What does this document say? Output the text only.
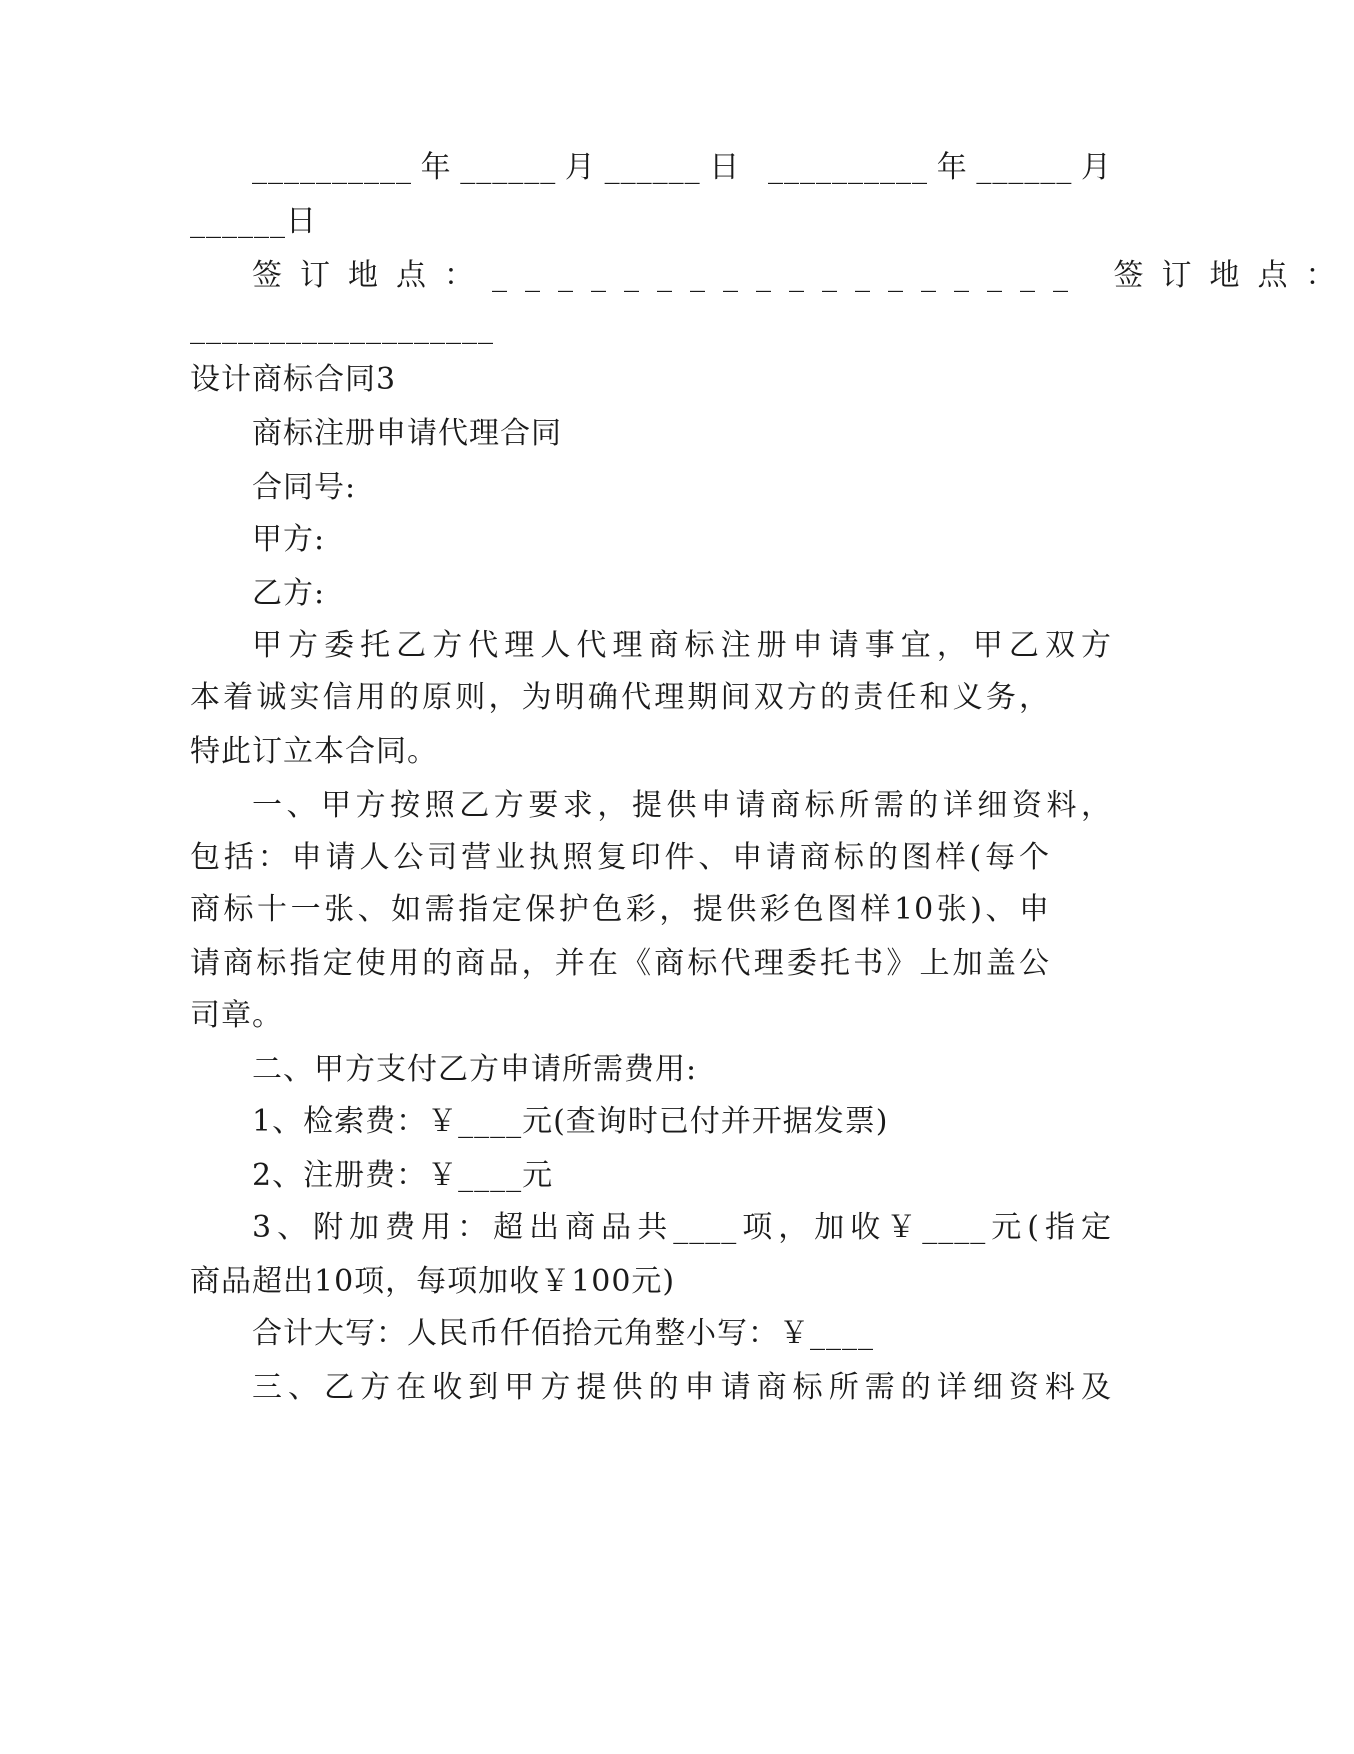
__________年______月______日 __________年______月
______日
签订地点：__________________ 签订地点：
___________________
设计商标合同3
商标注册申请代理合同
合同号:
甲方:
乙方:
甲方委托乙方代理人代理商标注册申请事宜，甲乙双方
本着诚实信用的原则，为明确代理期间双方的责任和义务，
特此订立本合同。
一、甲方按照乙方要求，提供申请商标所需的详细资料，
包括：申请人公司营业执照复印件、申请商标的图样(每个
商标十一张、如需指定保护色彩，提供彩色图样10张)、申
请商标指定使用的商品，并在《商标代理委托书》上加盖公
司章。
二、甲方支付乙方申请所需费用:
1、检索费：￥____元(查询时已付并开据发票)
2、注册费：￥____元
3、附加费用：超出商品共____项，加收￥____元(指定
商品超出10项，每项加收￥100元)
合计大写：人民币仟佰拾元角整小写：￥____
三、乙方在收到甲方提供的申请商标所需的详细资料及
